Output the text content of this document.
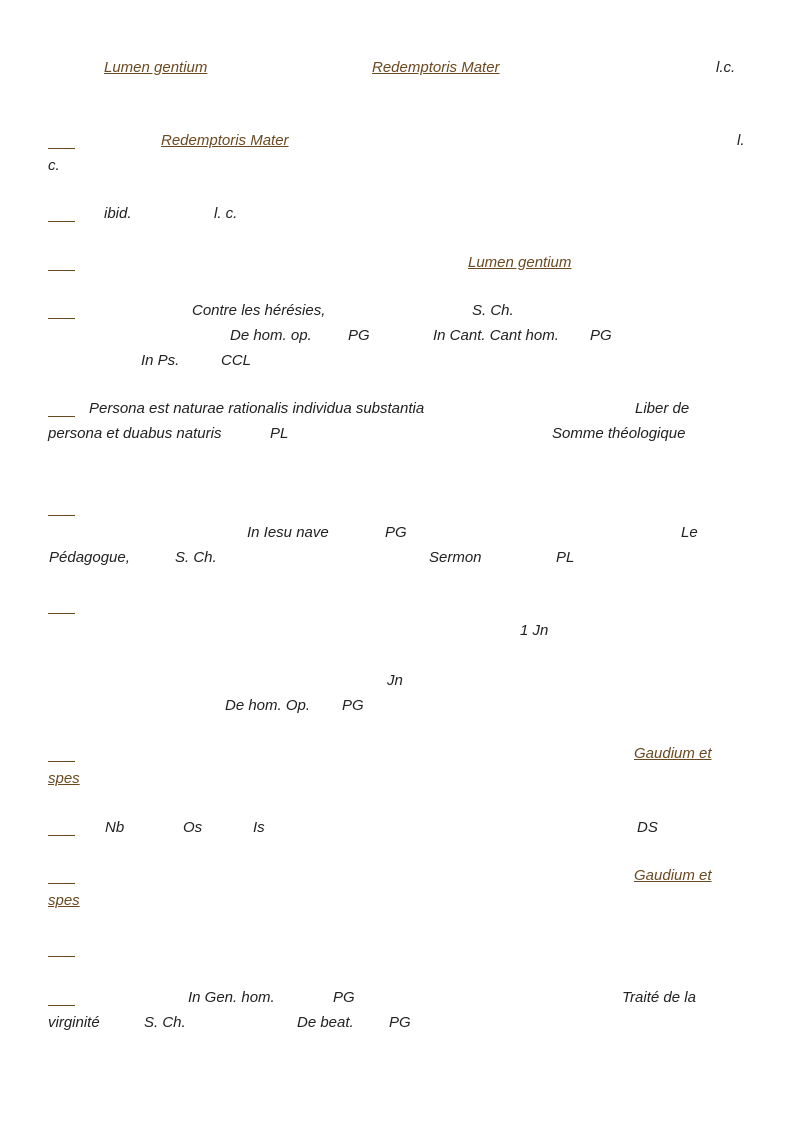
Lumen gentium	Redemptoris Mater	l.c.
Redemptoris Mater	l.
c.
ibid.	l. c.
Lumen gentium
Contre les hérésies,	S. Ch.
De hom. op. PG	In Cant. Cant hom. PG
In Ps.	CCL
Persona est naturae rationalis individua substantia	Liber de
persona et duabus naturis	PL	Somme théologique
In Iesu nave	PG	Le
Pédagogue,	S. Ch.	Sermon	PL
1 Jn
Jn
De hom. Op. PG
Gaudium et
spes
Nb	Os	Is	DS
Gaudium et
spes
In Gen. hom.	PG	Traité de la
virginité	S. Ch.	De beat. PG
